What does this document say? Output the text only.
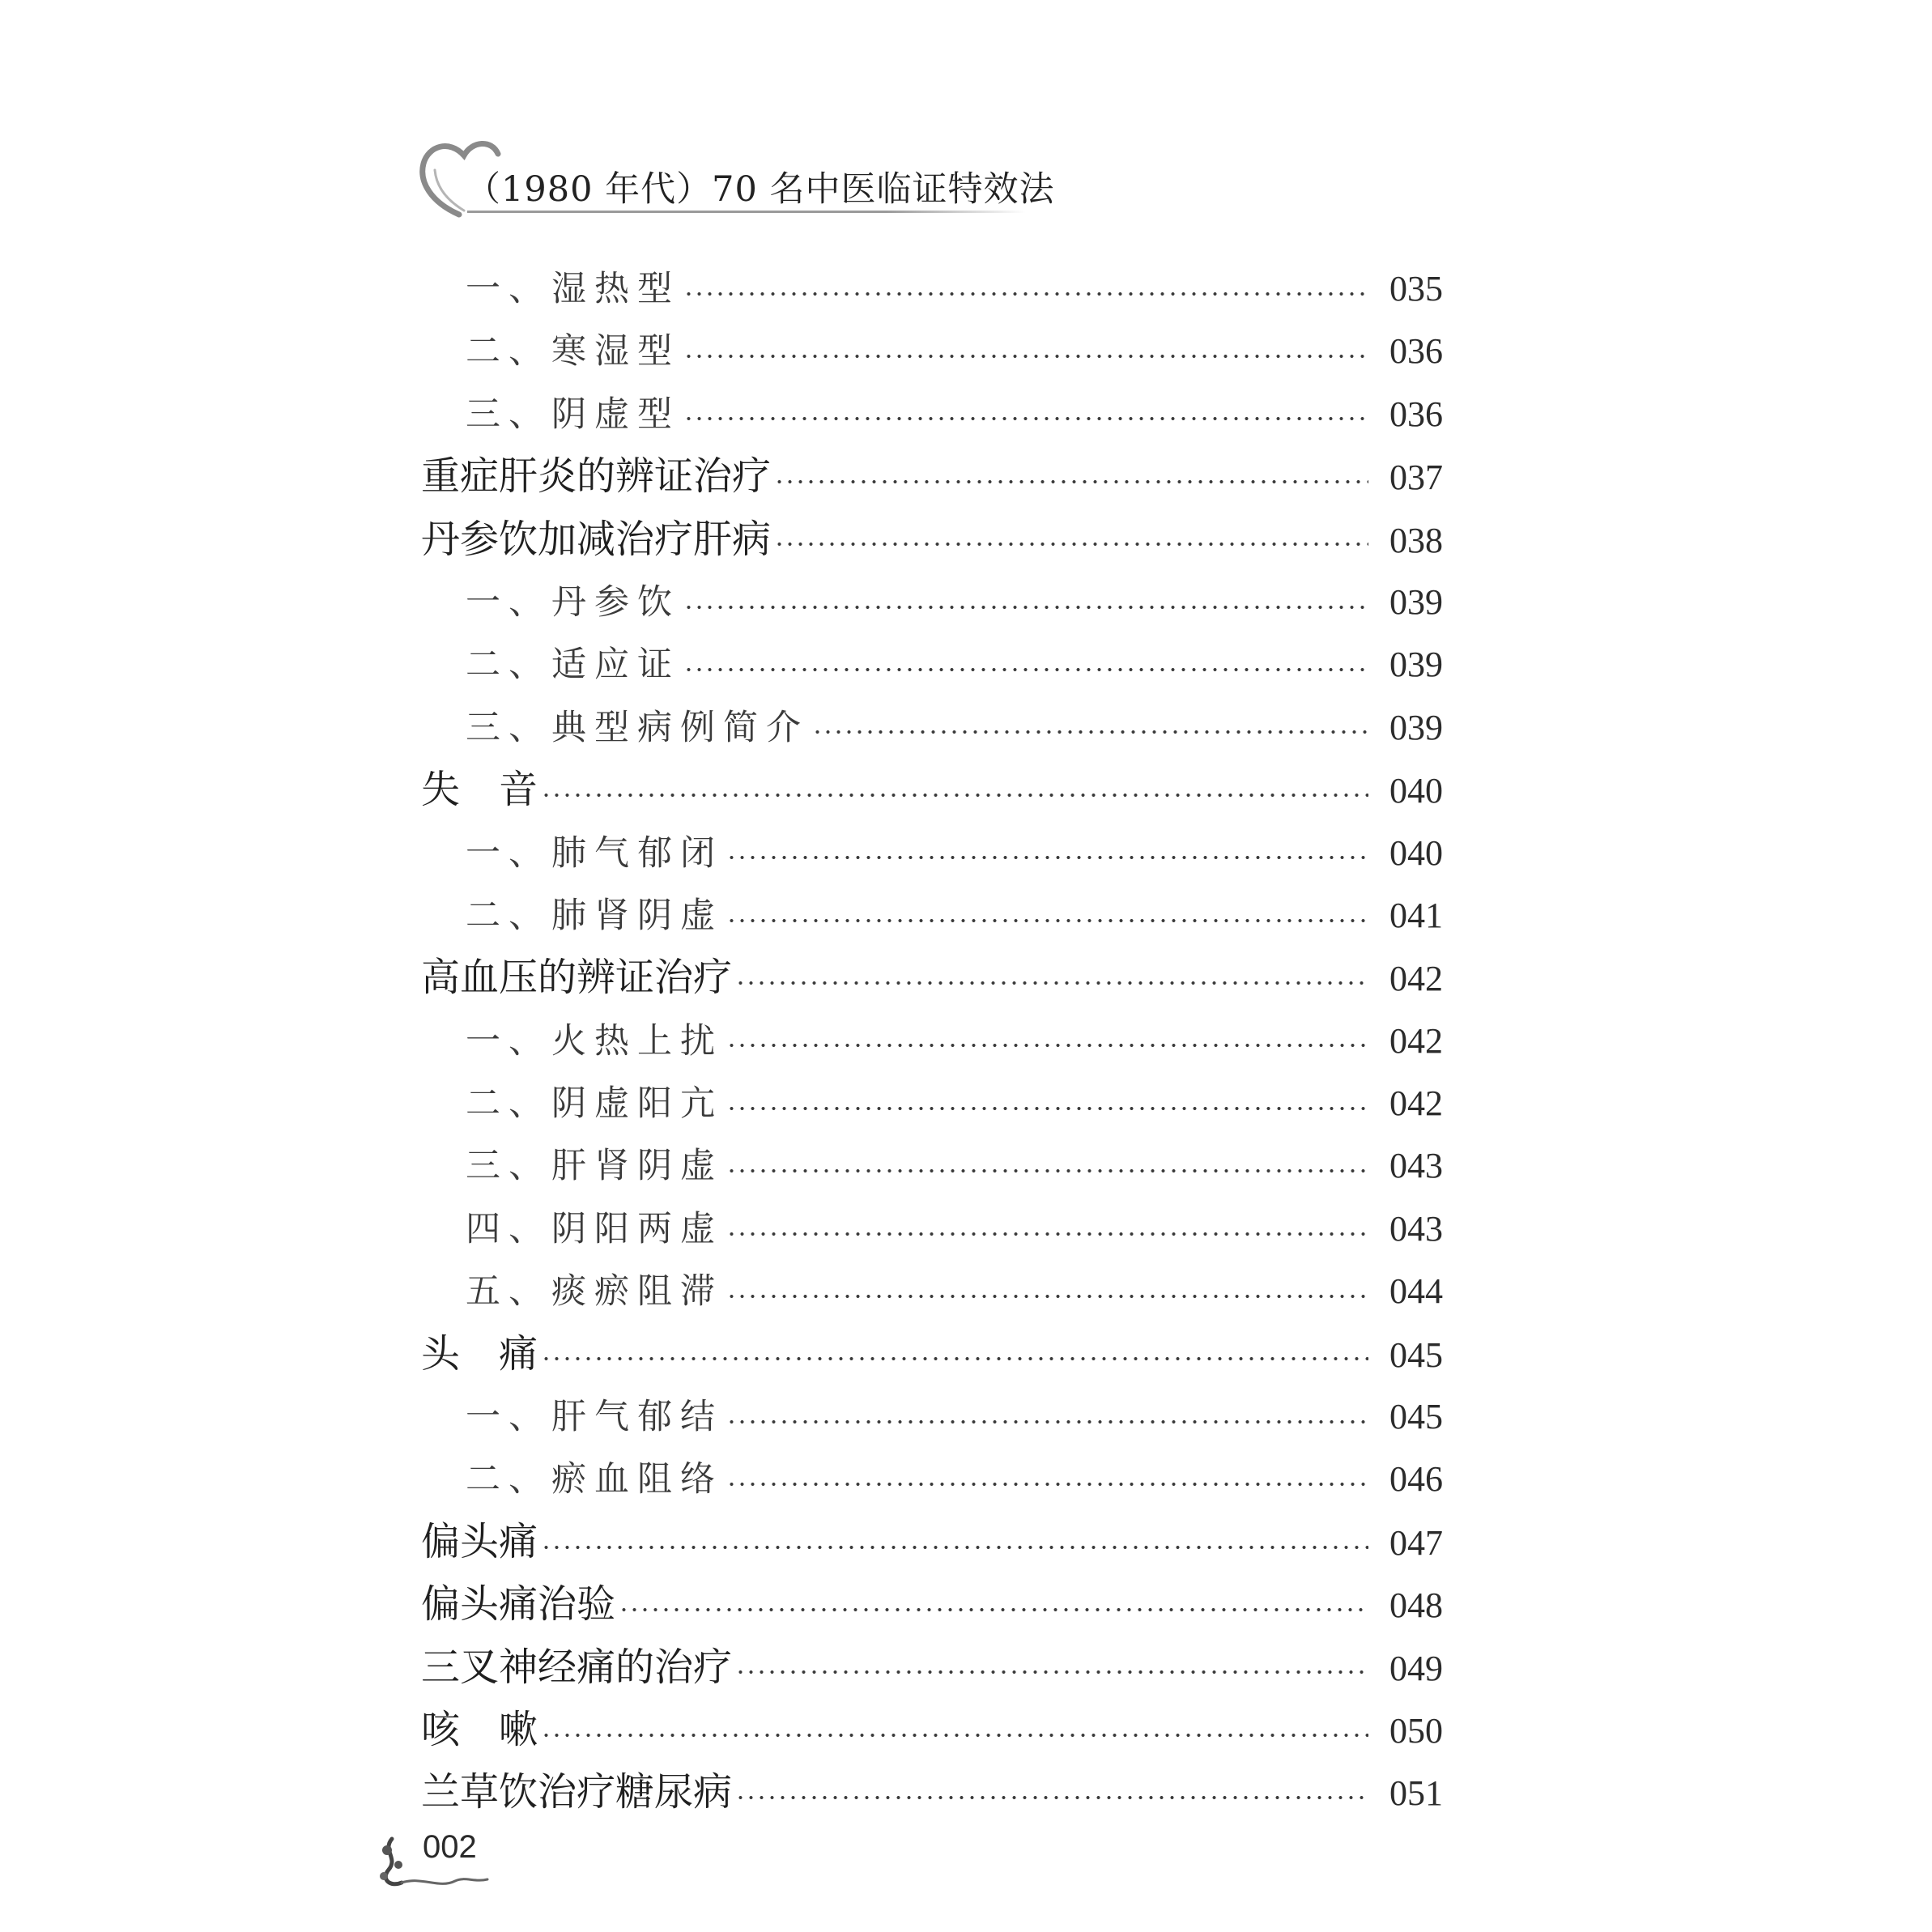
（1980 年代）70 名中医临证特效法
一、湿热型	035
二、寒湿型	036
三、阴虚型	036
重症肝炎的辨证治疗	037
丹参饮加减治疗肝病	038
一、丹参饮	039
二、适应证	039
三、典型病例简介	039
失　音	040
一、肺气郁闭	040
二、肺肾阴虚	041
高血压的辨证治疗	042
一、火热上扰	042
二、阴虚阳亢	042
三、肝肾阴虚	043
四、阴阳两虚	043
五、痰瘀阻滞	044
头　痛	045
一、肝气郁结	045
二、瘀血阻络	046
偏头痛	047
偏头痛治验	048
三叉神经痛的治疗	049
咳　嗽	050
兰草饮治疗糖尿病	051
002
